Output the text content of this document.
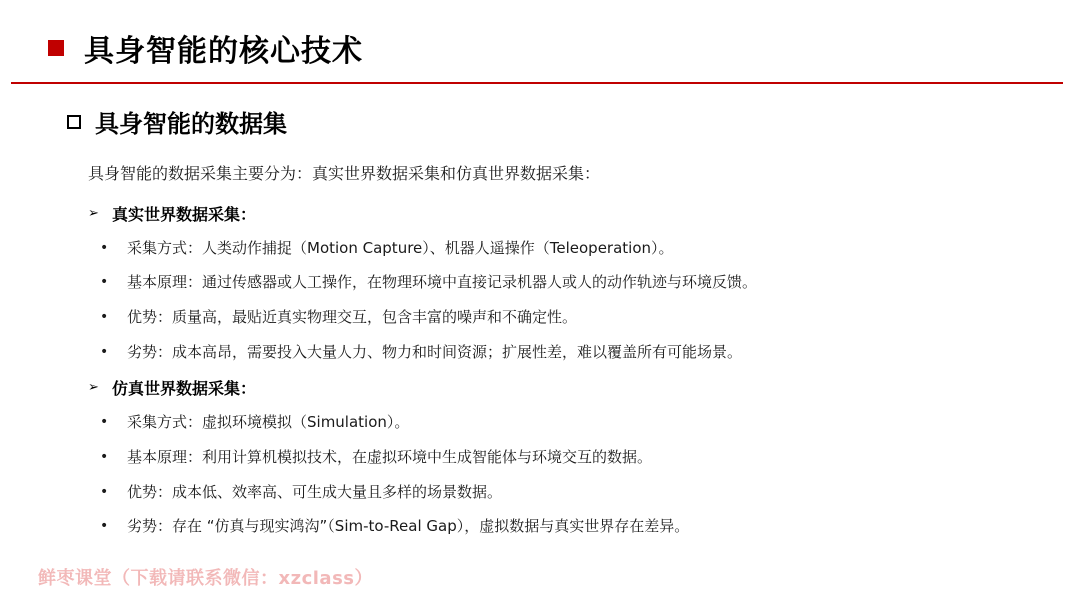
具身智能的核心技术
具身智能的数据集
具身智能的数据采集主要分为：真实世界数据采集和仿真世界数据采集：
➢ 真实世界数据采集：
•	采集方式：人类动作捕捉（Motion Capture）、机器人遥操作（Teleoperation）。
•	基本原理：通过传感器或人工操作，在物理环境中直接记录机器人或人的动作轨迹与环境反馈。
•	优势：质量高，最贴近真实物理交互，包含丰富的噪声和不确定性。
•	劣势：成本高昂，需要投入大量人力、物力和时间资源；扩展性差，难以覆盖所有可能场景。
➢ 仿真世界数据采集：
•	采集方式：虚拟环境模拟（Simulation）。
•	基本原理：利用计算机模拟技术，在虚拟环境中生成智能体与环境交互的数据。
•	优势：成本低、效率高、可生成大量且多样的场景数据。
•	劣势：存在 “仿真与现实鸿沟”（Sim-to-Real Gap），虚拟数据与真实世界存在差异。
鲜枣课堂（下载请联系微信：xzclass）
